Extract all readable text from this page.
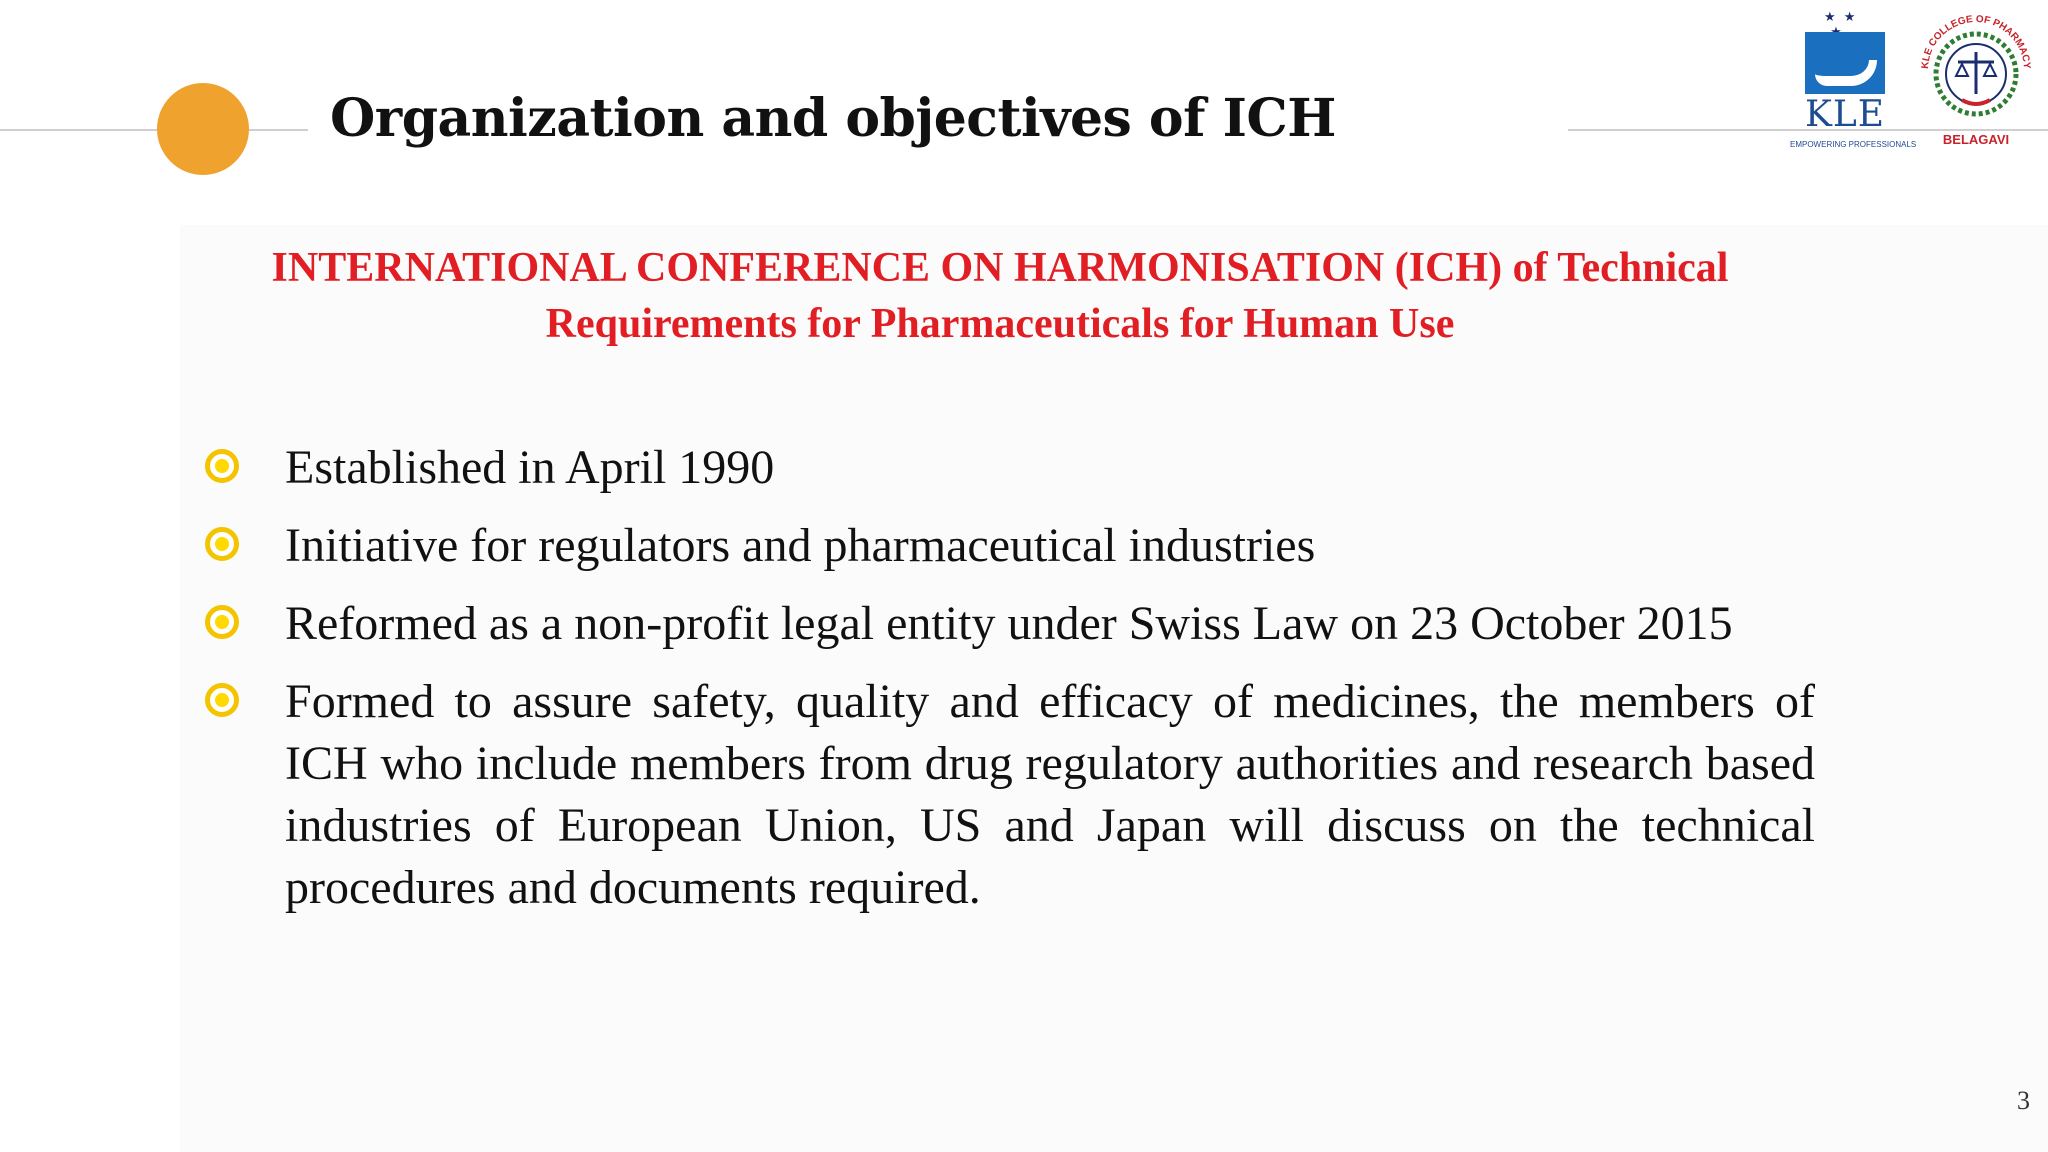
Organization and objectives of ICH
INTERNATIONAL CONFERENCE ON HARMONISATION (ICH) of Technical
Requirements for Pharmaceuticals for Human Use
Established in April 1990
Initiative for regulators and pharmaceutical industries
Reformed as a non-profit legal entity under Swiss Law on 23 October 2015
Formed to assure safety, quality and efficacy of medicines, the members of ICH who include members from drug regulatory authorities and research based industries of European Union, US and Japan will discuss on the technical procedures and documents required.
★ ★

KLE
EMPOWERING PROFESSIONALS
KLE COLLEGE OF PHARMACY
BELAGAVI
3
